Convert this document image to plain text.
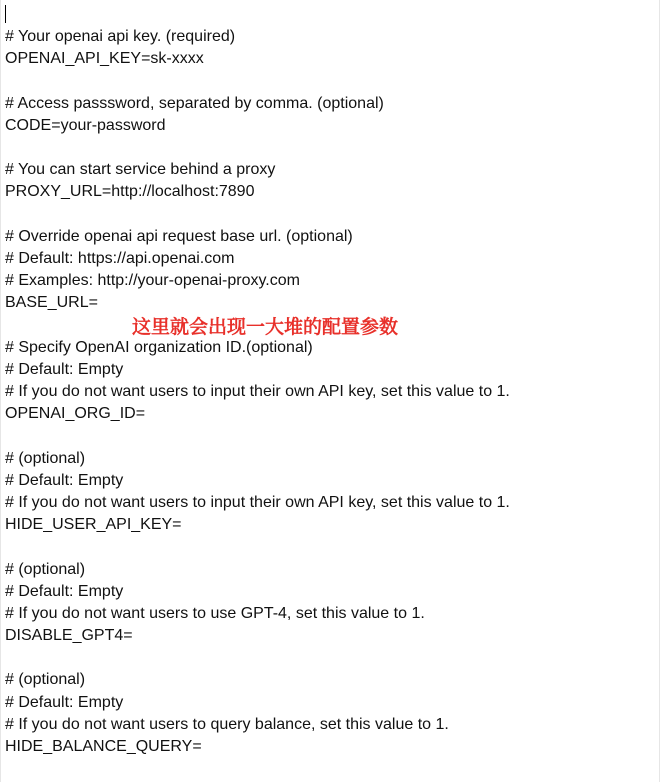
# Your openai api key. (required)
OPENAI_API_KEY=sk-xxxx
# Access passsword, separated by comma. (optional)
CODE=your-password
# You can start service behind a proxy
PROXY_URL=http://localhost:7890
# Override openai api request base url. (optional)
# Default: https://api.openai.com
# Examples: http://your-openai-proxy.com
BASE_URL=
# Specify OpenAI organization ID.(optional)
# Default: Empty
# If you do not want users to input their own API key, set this value to 1.
OPENAI_ORG_ID=
# (optional)
# Default: Empty
# If you do not want users to input their own API key, set this value to 1.
HIDE_USER_API_KEY=
# (optional)
# Default: Empty
# If you do not want users to use GPT-4, set this value to 1.
DISABLE_GPT4=
# (optional)
# Default: Empty
# If you do not want users to query balance, set this value to 1.
HIDE_BALANCE_QUERY=
这里就会出现一大堆的配置参数
